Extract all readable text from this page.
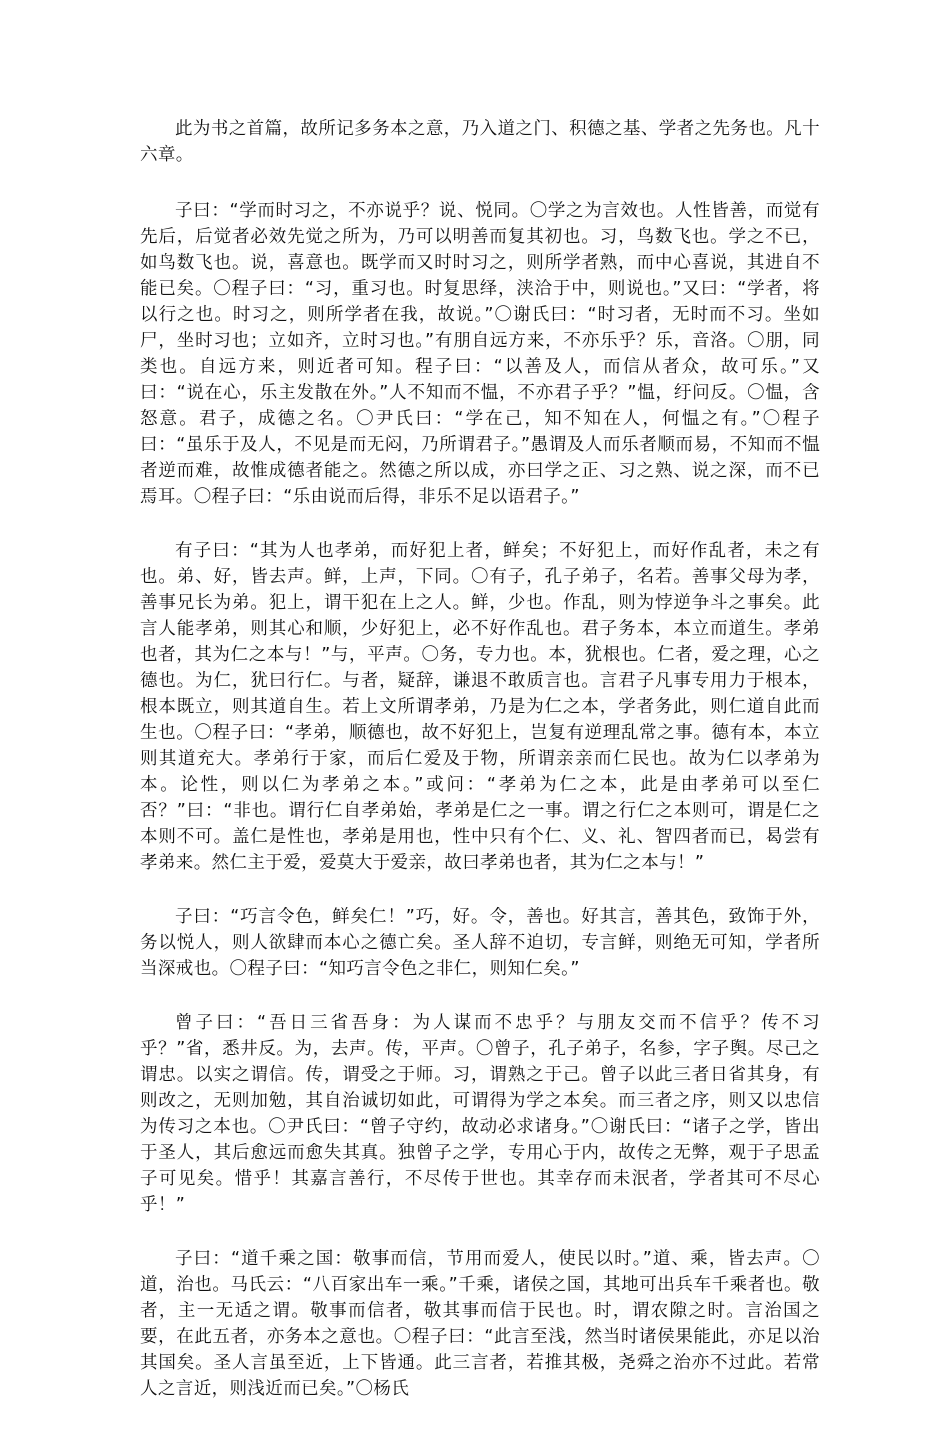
此为书之首篇，故所记多务本之意，乃入道之门、积德之基、学者之先务也。凡十六章。

子曰：“学而时习之，不亦说乎？说、悦同。〇学之为言效也。人性皆善，而觉有先后，后觉者必效先觉之所为，乃可以明善而复其初也。习，鸟数飞也。学之不已，如鸟数飞也。说，喜意也。既学而又时时习之，则所学者熟，而中心喜说，其进自不能已矣。〇程子曰：“习，重习也。时复思绎，浃洽于中，则说也。”又曰：“学者，将以行之也。时习之，则所学者在我，故说。”〇谢氏曰：“时习者，无时而不习。坐如尸，坐时习也；立如齐，立时习也。”有朋自远方来，不亦乐乎？乐，音洛。〇朋，同类也。自远方来，则近者可知。程子曰：“以善及人，而信从者众，故可乐。”又曰：“说在心，乐主发散在外。”人不知而不愠，不亦君子乎？”愠，纡问反。〇愠，含怒意。君子，成德之名。〇尹氏曰：“学在己，知不知在人，何愠之有。”〇程子曰：“虽乐于及人，不见是而无闷，乃所谓君子。”愚谓及人而乐者顺而易，不知而不愠者逆而难，故惟成德者能之。然德之所以成，亦曰学之正、习之熟、说之深，而不已焉耳。〇程子曰：“乐由说而后得，非乐不足以语君子。”

有子曰：“其为人也孝弟，而好犯上者，鲜矣；不好犯上，而好作乱者，未之有也。弟、好，皆去声。鲜，上声，下同。〇有子，孔子弟子，名若。善事父母为孝，善事兄长为弟。犯上，谓干犯在上之人。鲜，少也。作乱，则为悖逆争斗之事矣。此言人能孝弟，则其心和顺，少好犯上，必不好作乱也。君子务本，本立而道生。孝弟也者，其为仁之本与！”与，平声。〇务，专力也。本，犹根也。仁者，爱之理，心之德也。为仁，犹曰行仁。与者，疑辞，谦退不敢质言也。言君子凡事专用力于根本，根本既立，则其道自生。若上文所谓孝弟，乃是为仁之本，学者务此，则仁道自此而生也。〇程子曰：“孝弟，顺德也，故不好犯上，岂复有逆理乱常之事。德有本，本立则其道充大。孝弟行于家，而后仁爱及于物，所谓亲亲而仁民也。故为仁以孝弟为本。论性，则以仁为孝弟之本。”或问：“孝弟为仁之本，此是由孝弟可以至仁否？”曰：“非也。谓行仁自孝弟始，孝弟是仁之一事。谓之行仁之本则可，谓是仁之本则不可。盖仁是性也，孝弟是用也，性中只有个仁、义、礼、智四者而已，曷尝有孝弟来。然仁主于爱，爱莫大于爱亲，故曰孝弟也者，其为仁之本与！”

子曰：“巧言令色，鲜矣仁！”巧，好。令，善也。好其言，善其色，致饰于外，务以悦人，则人欲肆而本心之德亡矣。圣人辞不迫切，专言鲜，则绝无可知，学者所当深戒也。〇程子曰：“知巧言令色之非仁，则知仁矣。”

曾子曰：“吾日三省吾身：为人谋而不忠乎？与朋友交而不信乎？传不习乎？”省，悉井反。为，去声。传，平声。〇曾子，孔子弟子，名参，字子舆。尽己之谓忠。以实之谓信。传，谓受之于师。习，谓熟之于己。曾子以此三者日省其身，有则改之，无则加勉，其自治诚切如此，可谓得为学之本矣。而三者之序，则又以忠信为传习之本也。〇尹氏曰：“曾子守约，故动必求诸身。”〇谢氏曰：“诸子之学，皆出于圣人，其后愈远而愈失其真。独曾子之学，专用心于内，故传之无弊，观于子思孟子可见矣。惜乎！其嘉言善行，不尽传于世也。其幸存而未泯者，学者其可不尽心乎！”

子曰：“道千乘之国：敬事而信，节用而爱人，使民以时。”道、乘，皆去声。〇道，治也。马氏云：“八百家出车一乘。”千乘，诸侯之国，其地可出兵车千乘者也。敬者，主一无适之谓。敬事而信者，敬其事而信于民也。时，谓农隙之时。言治国之要，在此五者，亦务本之意也。〇程子曰：“此言至浅，然当时诸侯果能此，亦足以治其国矣。圣人言虽至近，上下皆通。此三言者，若推其极，尧舜之治亦不过此。若常人之言近，则浅近而已矣。”〇杨氏
